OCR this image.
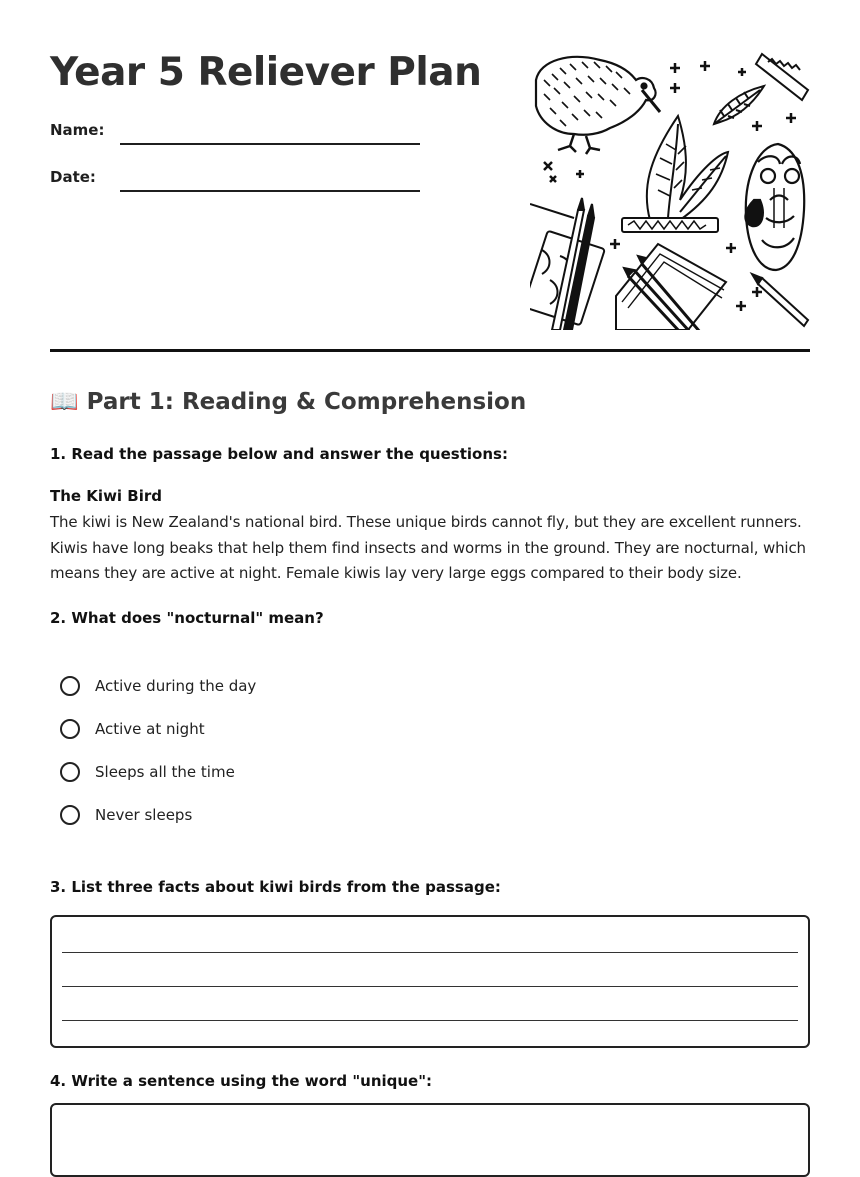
Year 5 Reliever Plan
Name:
Date:
📖 Part 1: Reading & Comprehension
1. Read the passage below and answer the questions:
The Kiwi Bird

The kiwi is New Zealand's national bird. These unique birds cannot fly, but they are excellent runners. Kiwis have long beaks that help them find insects and worms in the ground. They are nocturnal, which means they are active at night. Female kiwis lay very large eggs compared to their body size.

2. What does "nocturnal" mean?
Active during the day
Active at night
Sleeps all the time
Never sleeps
3. List three facts about kiwi birds from the passage:
4. Write a sentence using the word "unique":
